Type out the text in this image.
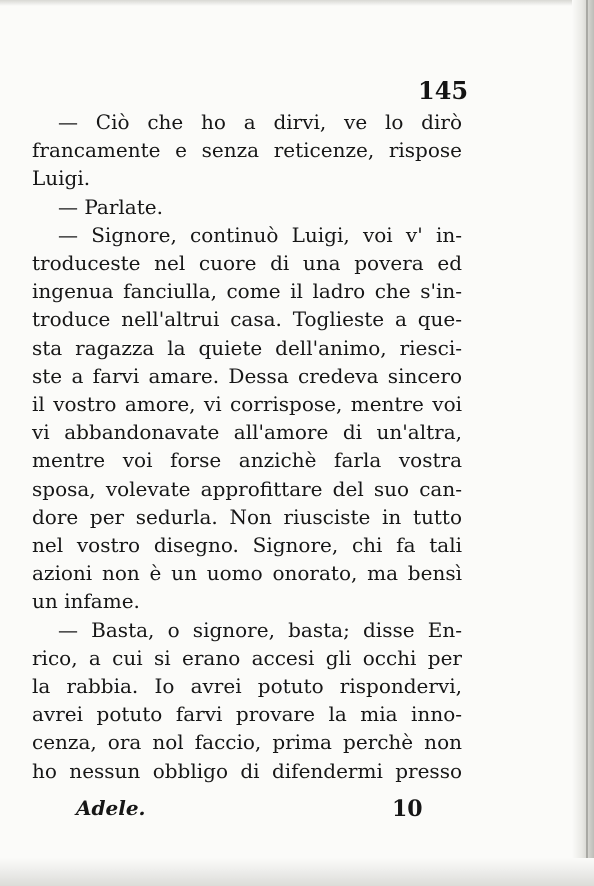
145
— Ciò che ho a dirvi, ve lo dirò
francamente e senza reticenze, rispose
Luigi.
— Parlate.
— Signore, continuò Luigi, voi v' in-
troduceste nel cuore di una povera ed
ingenua fanciulla, come il ladro che s'in-
troduce nell'altrui casa. Toglieste a que-
sta ragazza la quiete dell'animo, riesci-
ste a farvi amare. Dessa credeva sincero
il vostro amore, vi corrispose, mentre voi
vi abbandonavate all'amore di un'altra,
mentre voi forse anzichè farla vostra
sposa, volevate approfittare del suo can-
dore per sedurla. Non riusciste in tutto
nel vostro disegno. Signore, chi fa tali
azioni non è un uomo onorato, ma bensì
un infame.
— Basta, o signore, basta; disse En-
rico, a cui si erano accesi gli occhi per
la rabbia. Io avrei potuto rispondervi,
avrei potuto farvi provare la mia inno-
cenza, ora nol faccio, prima perchè non
ho nessun obbligo di difendermi presso
Adele.	10
